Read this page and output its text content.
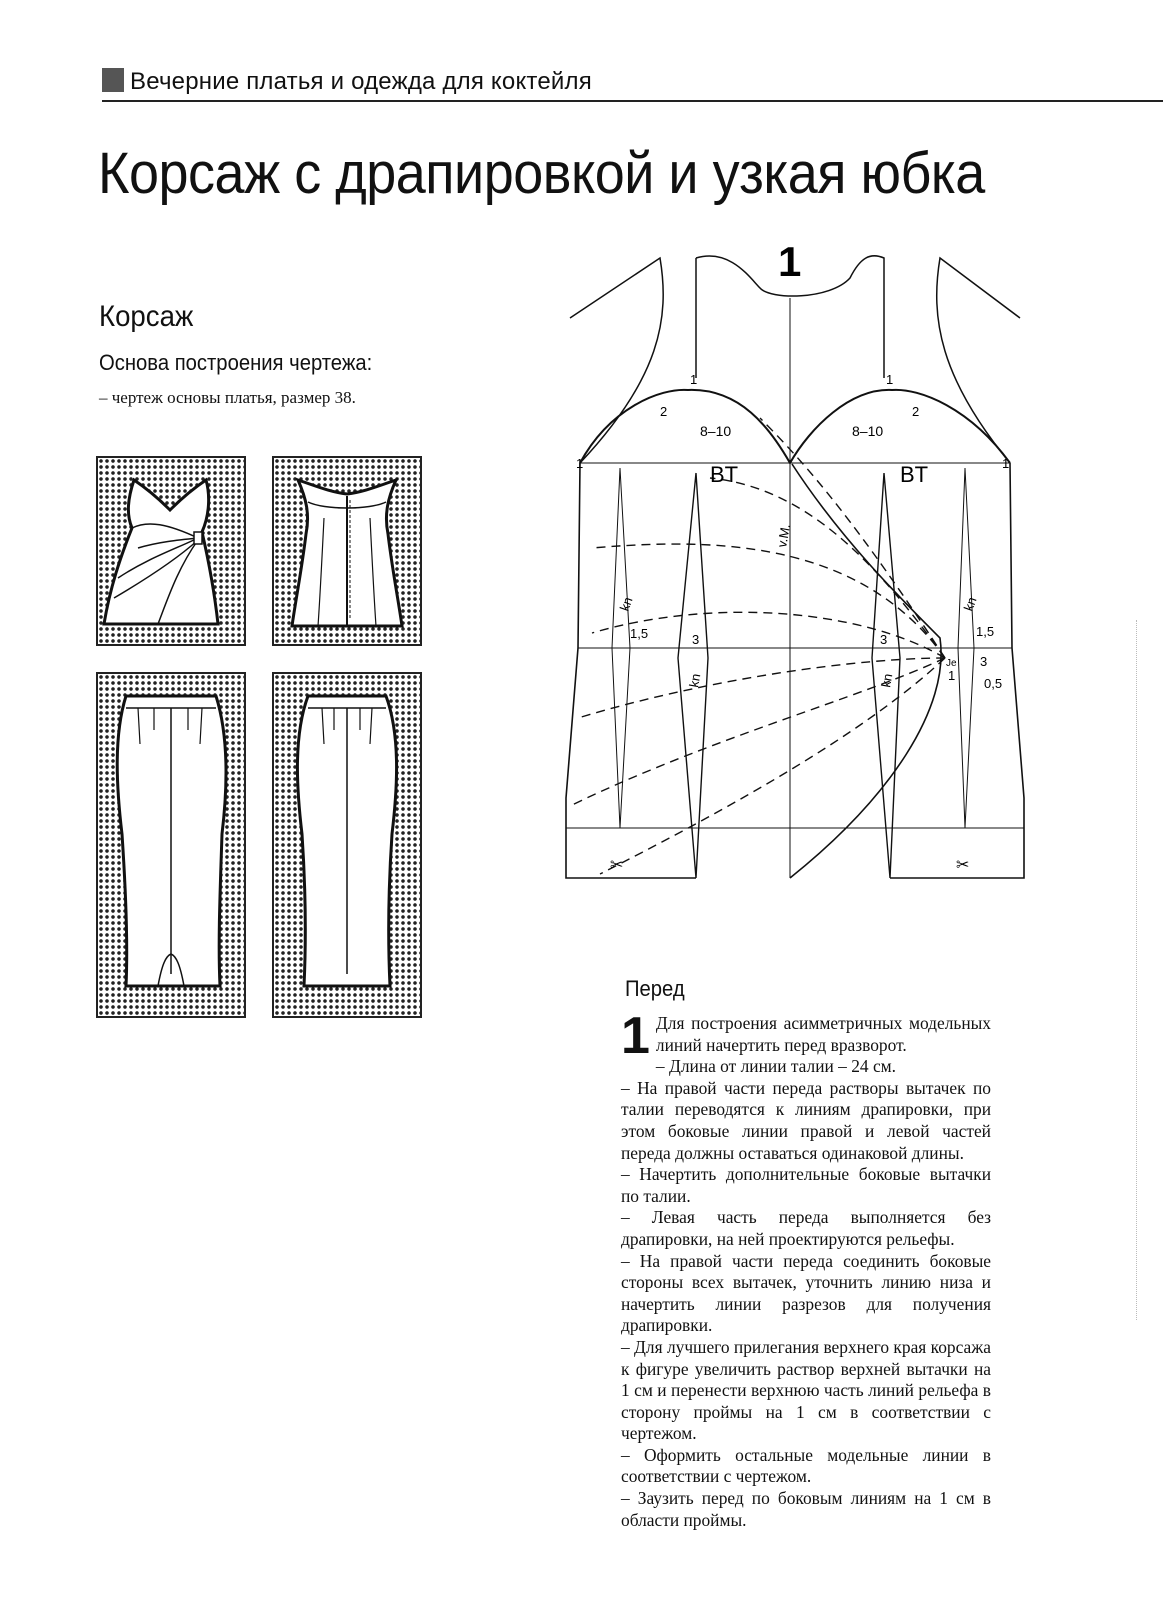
Вечерние платья и одежда для коктейля
Корсаж с драпировкой и узкая юбка
Корсаж
Основа построения чертежа:
– чертеж основы платья, размер 38.
1
8–10	8–10
BT	BT
v.M.
kn
kn	kn
kn
1,5	1,5
3	3
3
0,5
Je
1
1	1
1	1
2	2
✂	✂
Перед

1 Для построения асимметричных модельных линий начертить перед вразворот.

– Длина от линии талии – 24 см.

– На правой части переда растворы вытачек по талии переводятся к линиям драпировки, при этом боковые линии правой и левой частей переда должны оставаться одинаковой длины.

– Начертить дополнительные боковые вытачки по талии.

– Левая часть переда выполняется без драпировки, на ней проектируются рельефы.

– На правой части переда соединить боковые стороны всех вытачек, уточнить линию низа и начертить линии разрезов для получения драпировки.

– Для лучшего прилегания верхнего края корсажа к фигуре увеличить раствор верхней вытачки на 1 см и перенести верхнюю часть линий рельефа в сторону проймы на 1 см в соответствии с чертежом.

– Оформить остальные модельные линии в соответствии с чертежом.

– Заузить перед по боковым линиям на 1 см в области проймы.
